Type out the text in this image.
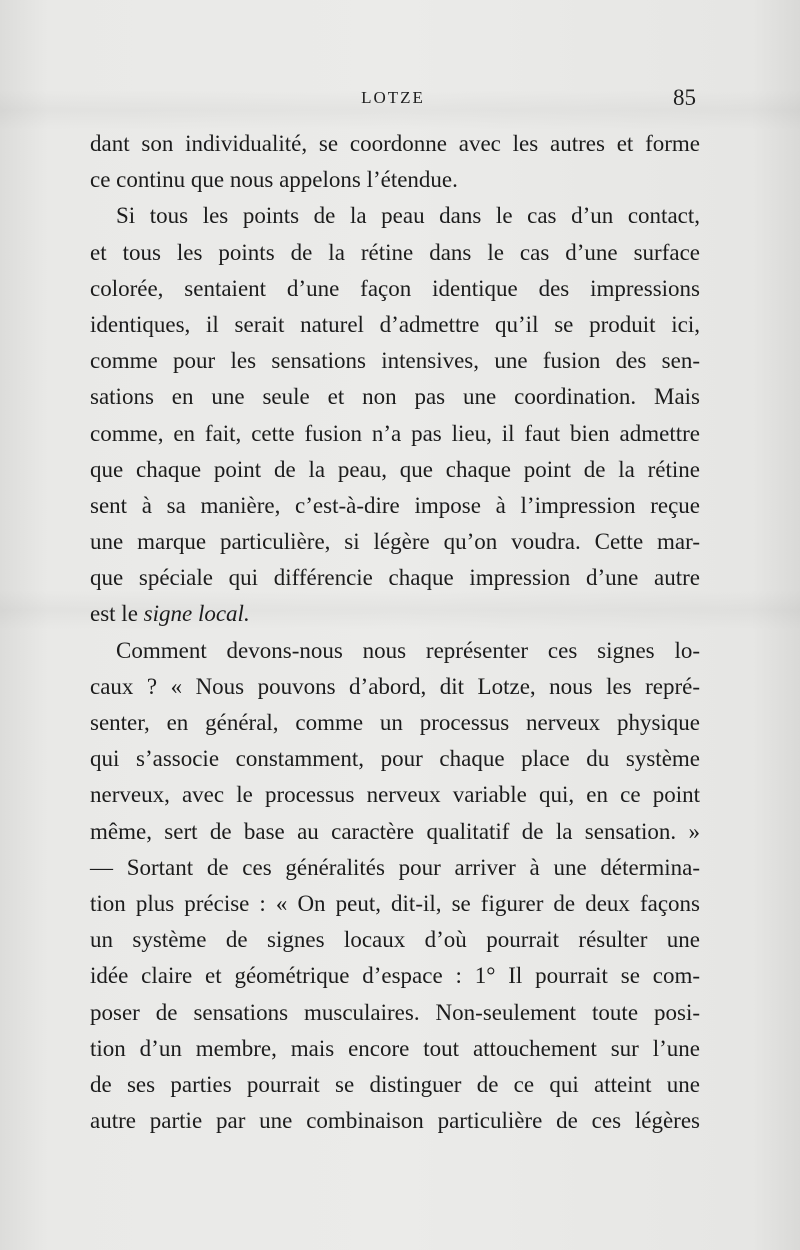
LOTZE	85
dant son individualité, se coordonne avec les autres et forme
ce continu que nous appelons l’étendue.
Si tous les points de la peau dans le cas d’un contact,
et tous les points de la rétine dans le cas d’une surface
colorée, sentaient d’une façon identique des impressions
identiques, il serait naturel d’admettre qu’il se produit ici,
comme pour les sensations intensives, une fusion des sen-
sations en une seule et non pas une coordination. Mais
comme, en fait, cette fusion n’a pas lieu, il faut bien admettre
que chaque point de la peau, que chaque point de la rétine
sent à sa manière, c’est-à-dire impose à l’impression reçue
une marque particulière, si légère qu’on voudra. Cette mar-
que spéciale qui différencie chaque impression d’une autre
est le signe local.
Comment devons-nous nous représenter ces signes lo-
caux ? « Nous pouvons d’abord, dit Lotze, nous les repré-
senter, en général, comme un processus nerveux physique
qui s’associe constamment, pour chaque place du système
nerveux, avec le processus nerveux variable qui, en ce point
même, sert de base au caractère qualitatif de la sensation. »
— Sortant de ces généralités pour arriver à une détermina-
tion plus précise : « On peut, dit-il, se figurer de deux façons
un système de signes locaux d’où pourrait résulter une
idée claire et géométrique d’espace : 1° Il pourrait se com-
poser de sensations musculaires. Non-seulement toute posi-
tion d’un membre, mais encore tout attouchement sur l’une
de ses parties pourrait se distinguer de ce qui atteint une
autre partie par une combinaison particulière de ces légères
